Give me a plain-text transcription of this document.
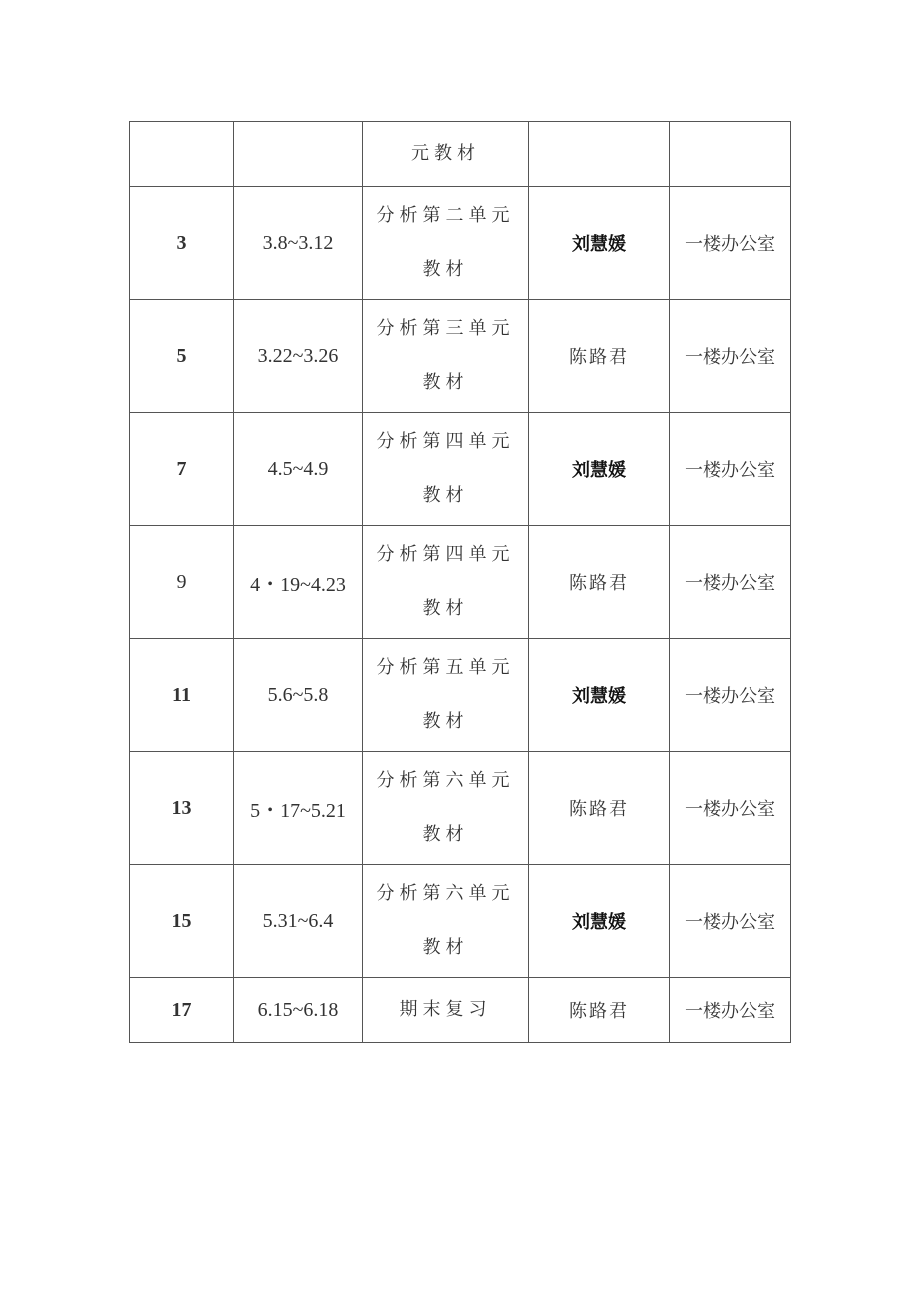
		元教材		
3	3.8~3.12	分析第二单元教材	刘慧媛	一楼办公室
5	3.22~3.26	分析第三单元教材	陈路君	一楼办公室
7	4.5~4.9	分析第四单元教材	刘慧媛	一楼办公室
9	4・19~4.23	分析第四单元教材	陈路君	一楼办公室
11	5.6~5.8	分析第五单元教材	刘慧媛	一楼办公室
13	5・17~5.21	分析第六单元教材	陈路君	一楼办公室
15	5.31~6.4	分析第六单元教材	刘慧媛	一楼办公室
17	6.15~6.18	期末复习	陈路君	一楼办公室
